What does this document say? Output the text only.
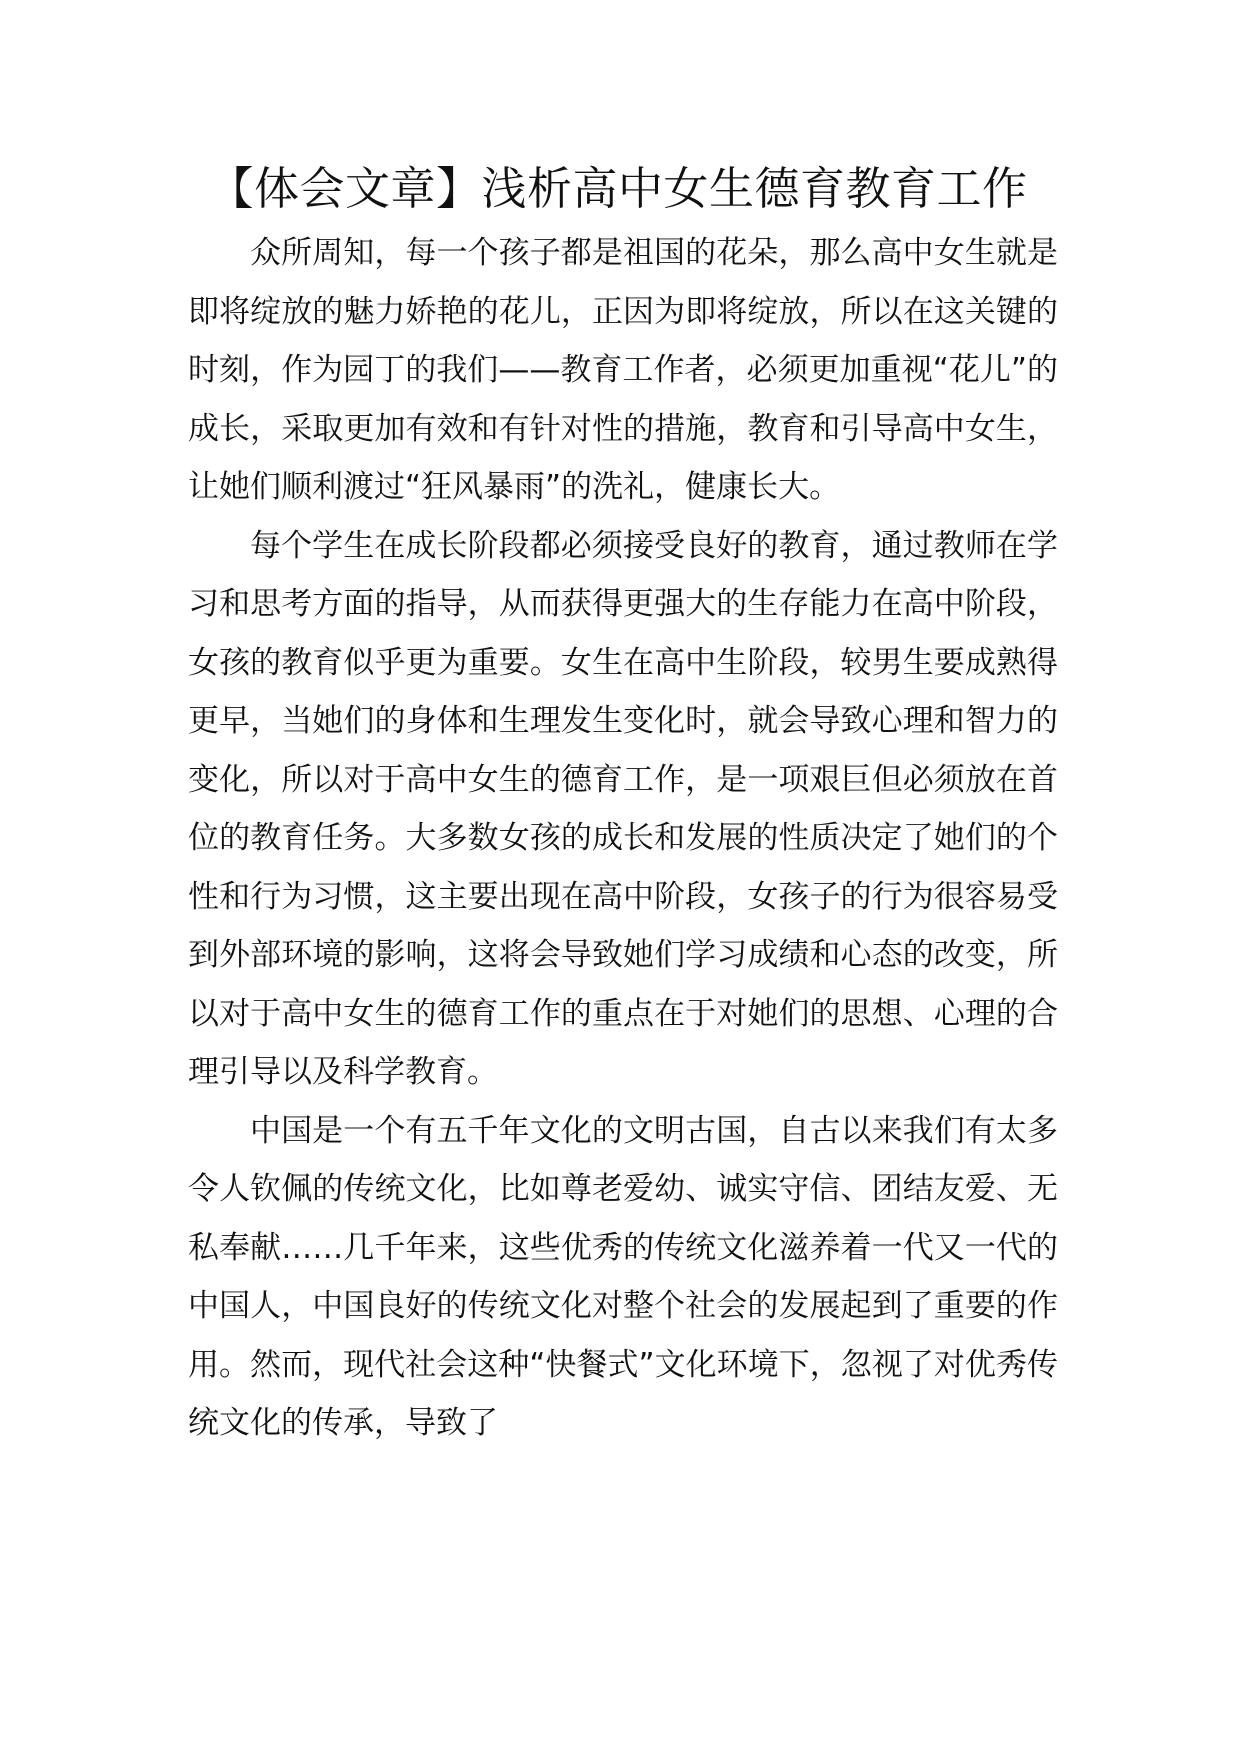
【体会文章】浅析高中女生德育教育工作

众所周知，每一个孩子都是祖国的花朵，那么高中女生就是即将绽放的魅力娇艳的花儿，正因为即将绽放，所以在这关键的时刻，作为园丁的我们——教育工作者，必须更加重视“花儿”的成长，采取更加有效和有针对性的措施，教育和引导高中女生，让她们顺利渡过“狂风暴雨”的洗礼，健康长大。

每个学生在成长阶段都必须接受良好的教育，通过教师在学习和思考方面的指导，从而获得更强大的生存能力在高中阶段，女孩的教育似乎更为重要。女生在高中生阶段，较男生要成熟得更早，当她们的身体和生理发生变化时，就会导致心理和智力的变化，所以对于高中女生的德育工作，是一项艰巨但必须放在首位的教育任务。大多数女孩的成长和发展的性质决定了她们的个性和行为习惯，这主要出现在高中阶段，女孩子的行为很容易受到外部环境的影响，这将会导致她们学习成绩和心态的改变，所以对于高中女生的德育工作的重点在于对她们的思想、心理的合理引导以及科学教育。

中国是一个有五千年文化的文明古国，自古以来我们有太多令人钦佩的传统文化，比如尊老爱幼、诚实守信、团结友爱、无私奉献……几千年来，这些优秀的传统文化滋养着一代又一代的中国人，中国良好的传统文化对整个社会的发展起到了重要的作用。然而，现代社会这种“快餐式”文化环境下，忽视了对优秀传统文化的传承，导致了
